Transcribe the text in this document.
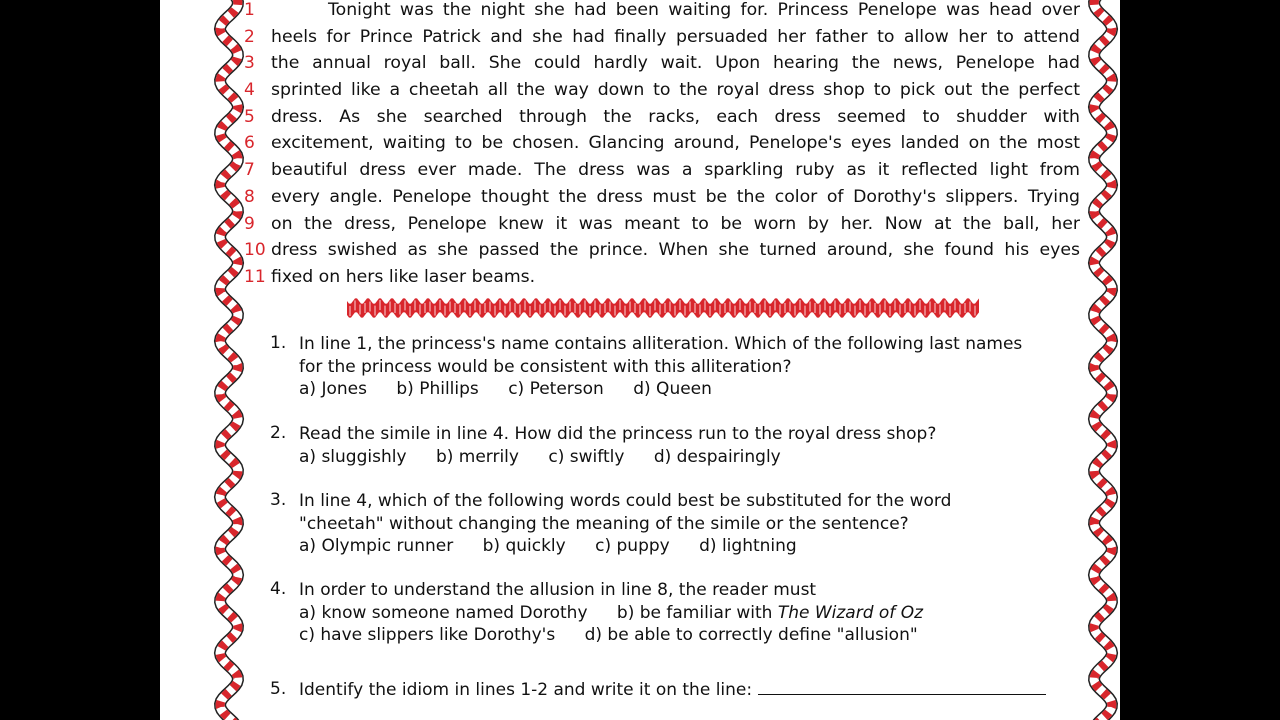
1	Tonight was the night she had been waiting for. Princess Penelope was head over
2 heels for Prince Patrick and she had finally persuaded her father to allow her to attend
3 the annual royal ball. She could hardly wait. Upon hearing the news, Penelope had
4 sprinted like a cheetah all the way down to the royal dress shop to pick out the perfect
5 dress. As she searched through the racks, each dress seemed to shudder with
6 excitement, waiting to be chosen. Glancing around, Penelope's eyes landed on the most
7 beautiful dress ever made. The dress was a sparkling ruby as it reflected light from
8 every angle. Penelope thought the dress must be the color of Dorothy's slippers. Trying
9 on the dress, Penelope knew it was meant to be worn by her. Now at the ball, her
10 dress swished as she passed the prince. When she turned around, she found his eyes
11 fixed on hers like laser beams.
1. In line 1, the princess's name contains alliteration. Which of the following last names
for the princess would be consistent with this alliteration?
a) Jones b) Phillips c) Peterson d) Queen
2. Read the simile in line 4. How did the princess run to the royal dress shop?
a) sluggishly b) merrily c) swiftly d) despairingly
3. In line 4, which of the following words could best be substituted for the word
"cheetah" without changing the meaning of the simile or the sentence?
a) Olympic runner b) quickly c) puppy d) lightning
4. In order to understand the allusion in line 8, the reader must
a) know someone named Dorothy b) be familiar with The Wizard of Oz
c) have slippers like Dorothy's d) be able to correctly define "allusion"
5. Identify the idiom in lines 1-2 and write it on the line:
